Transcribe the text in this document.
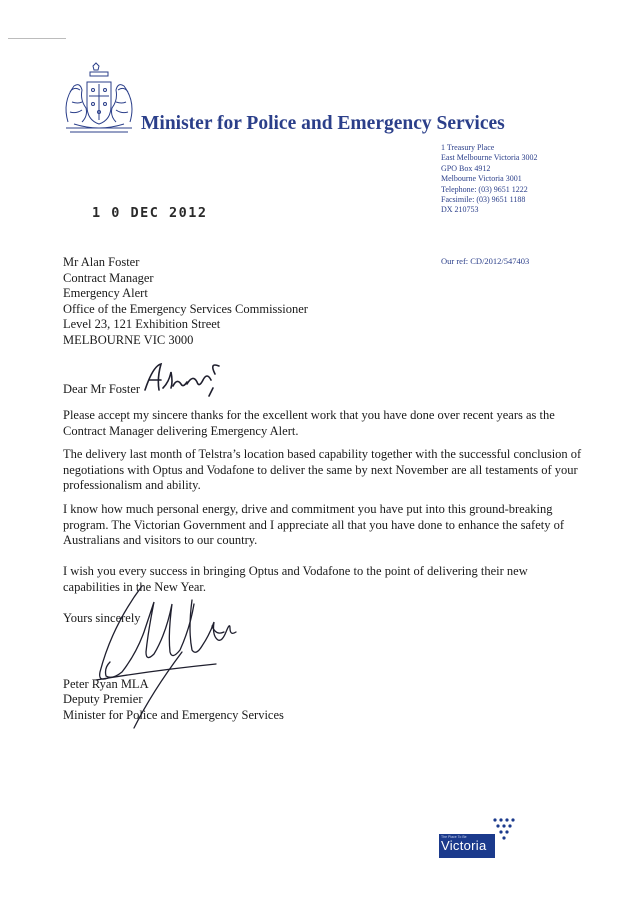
Minister for Police and Emergency Services
1 Treasury Place
East Melbourne Victoria 3002
GPO Box 4912
Melbourne Victoria 3001
Telephone: (03) 9651 1222
Facsimile: (03) 9651 1188
DX 210753
1 0 DEC 2012
Our ref: CD/2012/547403
Mr Alan Foster
Contract Manager
Emergency Alert
Office of the Emergency Services Commissioner
Level 23, 121 Exhibition Street
MELBOURNE VIC 3000
Dear Mr Foster

Please accept my sincere thanks for the excellent work that you have done over recent years as the Contract Manager delivering Emergency Alert.

The delivery last month of Telstra’s location based capability together with the successful conclusion of negotiations with Optus and Vodafone to deliver the same by next November are all testaments of your professionalism and ability.

I know how much personal energy, drive and commitment you have put into this ground-breaking program. The Victorian Government and I appreciate all that you have done to enhance the safety of Australians and visitors to our country.

I wish you every success in bringing Optus and Vodafone to the point of delivering their new capabilities in the New Year.

Yours sincerely
Peter Ryan MLA
Deputy Premier
Minister for Police and Emergency Services
The Place To Be
Victoria
